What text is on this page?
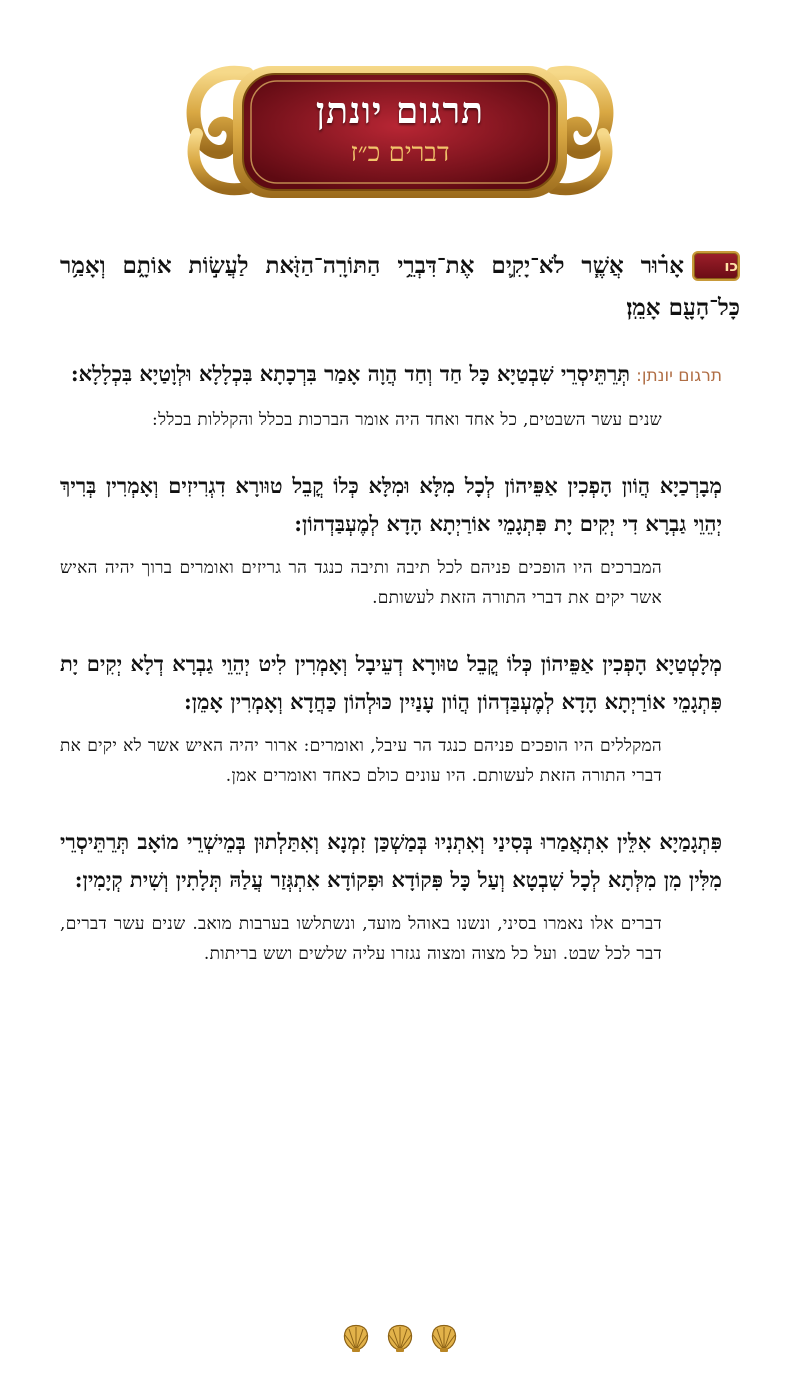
תרגום יונתן
דברים כ״ז
כואָר֗וּר אֲשֶׁ֧ר לֹא־יָקִ֛ים אֶת־דִּבְרֵ֥י הַתּוֹרָֽה־הַזֹּ֖את לַעֲשׂ֣וֹת אוֹתָ֑ם וְאָמַ֥ר כָּל־הָעָ֖ם אָמֵֽן׃
תרגום יונתן:תְּרֵתֵּיסְרֵי שִׁבְטַיָא כָּל חַד וְחַד הֲוָה אָמַר בִּרְכָתָא בִּכְלָלָא וּלְוָטַיָא בִּכְלָלָא:
שנים עשר השבטים, כל אחד ואחד היה אומר הברכות בכלל והקללות בכלל:
מְבָרְכַיָא הֲוֹון הָפְכִין אַפֵּיהוֹן לְכָל מִלָּא וּמִלָּא כְּלוֹ קֳבֵל טוּורָא דִגְרִיזִים וְאָמְרִין בְּרִיךְ יְהֵוֵי גַבְרָא דִי יְקִים יָת פִּתְגָמֵי אוֹרַיְתָא הָדָא לְמֶעְבַּדְהוֹן:
המברכים היו הופכים פניהם לכל תיבה ותיבה כנגד הר גריזים ואומרים ברוך יהיה האיש אשר יקים את דברי התורה הזאת לעשותם.
מְלָטְטַיָא הָפְכִין אַפֵּיהוֹן כְּלוֹ קֳבֵל טוּורָא דְעֵיבָל וְאָמְרִין לִיט יְהֵוֵי גַבְרָא דְלָא יְקִים יָת פִּתְגָמֵי אוֹרַיְתָא הָדָא לְמֶעְבַּדְהוֹן הֲוֹון עָנַיִין כּוּלְהוֹן כַּחֲדָא וְאָמְרִין אָמֵן:
המקללים היו הופכים פניהם כנגד הר עיבל, ואומרים: ארור יהיה האיש אשר לא יקים את דברי התורה הזאת לעשותם. היו עונים כולם כאחד ואומרים אמן.
פִּתְגָמַיָא אִלֵּין אִתְאֲמַרוּ בְּסִינַי וְאִתְנִיוּ בְּמַשְׁכַּן זִמְנָא וְאִתַּלְתוּן בְּמֵישְׁרֵי מוֹאָב תְּרֵתֵּיסְרֵי מִלִּין מִן מִלְּתָא לְכָל שִׁבְטָא וְעַל כָּל פִּקוֹדָא וּפִקוֹדָא אִתְגְּזַר עֲלַהּ תְּלָתִין וְשִׁית קְיָמִין:
דברים אלו נאמרו בסיני, ונשנו באוהל מועד, ונשתלשו בערבות מואב. שנים עשר דברים, דבר לכל שבט. ועל כל מצוה ומצוה נגזרו עליה שלשים ושש בריתות.
